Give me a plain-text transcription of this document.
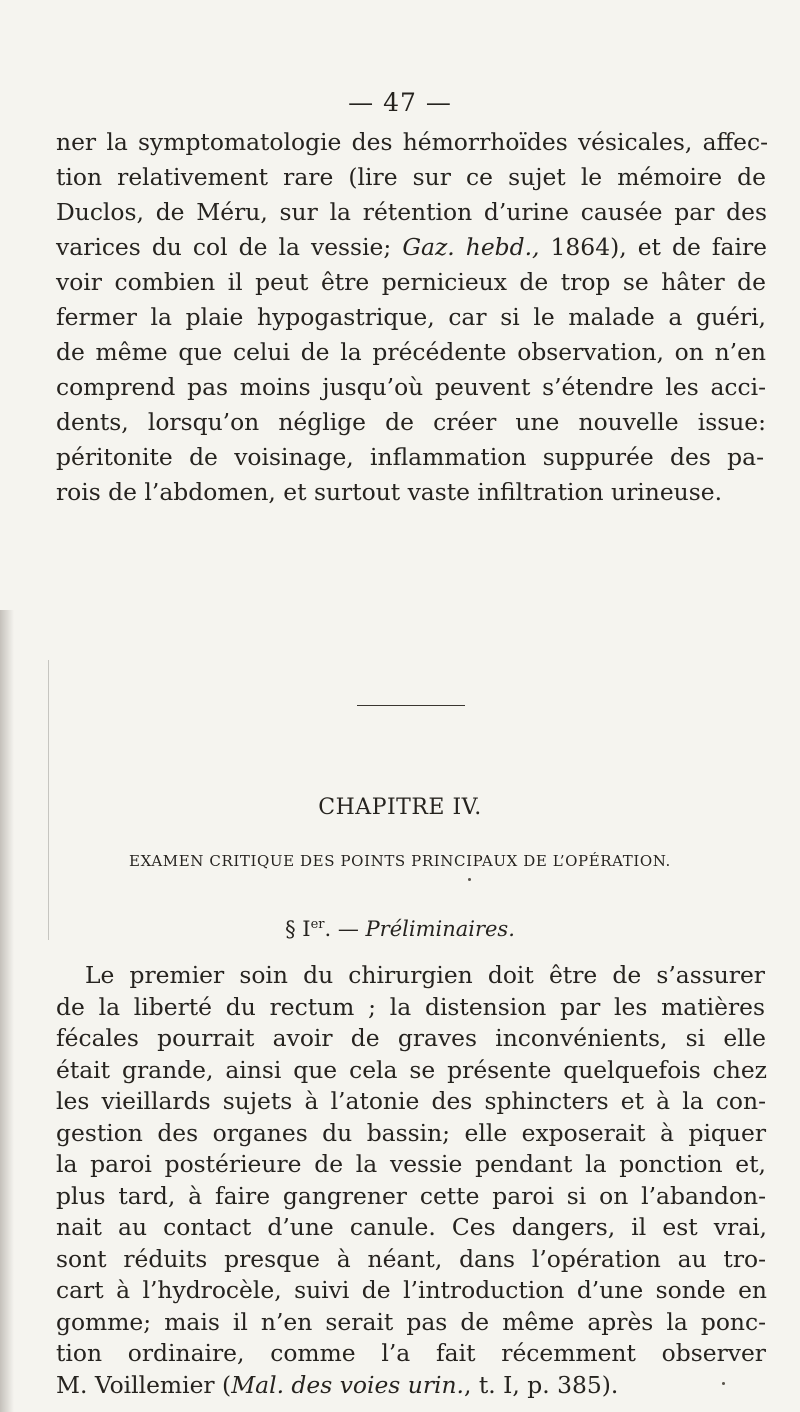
— 47 —
ner la symptomatologie des hémorrhoïdes vésicales, affec-
tion relativement rare (lire sur ce sujet le mémoire de
Duclos, de Méru, sur la rétention d’urine causée par des
varices du col de la vessie; Gaz. hebd., 1864), et de faire
voir combien il peut être pernicieux de trop se hâter de
fermer la plaie hypogastrique, car si le malade a guéri,
de même que celui de la précédente observation, on n’en
comprend pas moins jusqu’où peuvent s’étendre les acci-
dents, lorsqu’on néglige de créer une nouvelle issue:
péritonite de voisinage, inflammation suppurée des pa-
rois de l’abdomen, et surtout vaste infiltration urineuse.
CHAPITRE IV.
EXAMEN CRITIQUE DES POINTS PRINCIPAUX DE L’OPÉRATION.
§ Ier. — Préliminaires.
Le premier soin du chirurgien doit être de s’assurer
de la liberté du rectum ; la distension par les matières
fécales pourrait avoir de graves inconvénients, si elle
était grande, ainsi que cela se présente quelquefois chez
les vieillards sujets à l’atonie des sphincters et à la con-
gestion des organes du bassin; elle exposerait à piquer
la paroi postérieure de la vessie pendant la ponction et,
plus tard, à faire gangrener cette paroi si on l’abandon-
nait au contact d’une canule. Ces dangers, il est vrai,
sont réduits presque à néant, dans l’opération au tro-
cart à l’hydrocèle, suivi de l’introduction d’une sonde en
gomme; mais il n’en serait pas de même après la ponc-
tion ordinaire, comme l’a fait récemment observer
M. Voillemier (Mal. des voies urin., t. I, p. 385).
